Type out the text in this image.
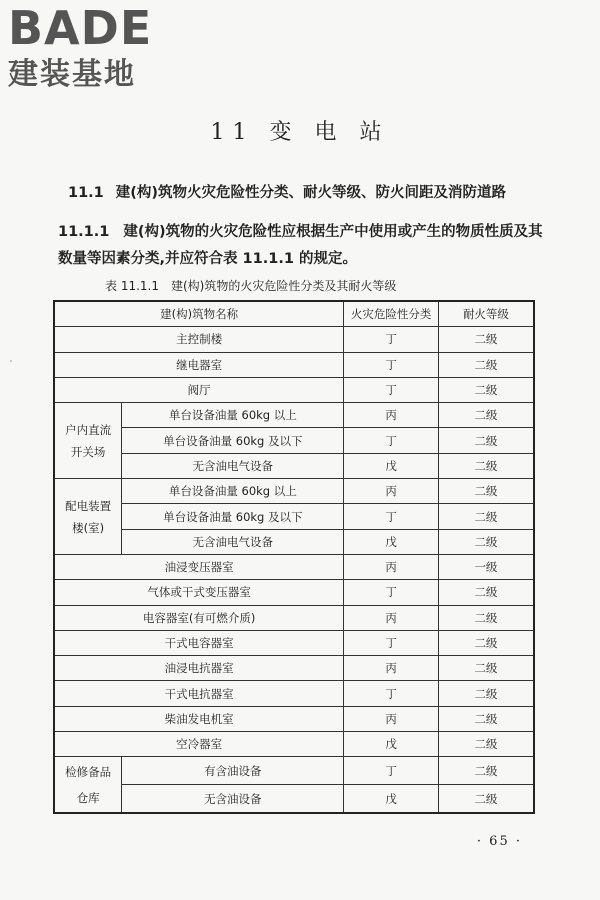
BADE
建装基地
11 变 电 站
11.1 建(构)筑物火灾危险性分类、耐火等级、防火间距及消防道路
11.1.1 建(构)筑物的火灾危险性应根据生产中使用或产生的物质性质及其数量等因素分类,并应符合表 11.1.1 的规定。
表 11.1.1 建(构)筑物的火灾危险性分类及其耐火等级
建(构)筑物名称		火灾危险性分类	耐火等级
主控制楼		丁	二级
继电器室		丁	二级
阀厅		丁	二级
户内直流开关场	单台设备油量 60kg 以上	丙	二级
	单台设备油量 60kg 及以下	丁	二级
	无含油电气设备	戊	二级
配电装置楼(室)	单台设备油量 60kg 以上	丙	二级
	单台设备油量 60kg 及以下	丁	二级
	无含油电气设备	戊	二级
油浸变压器室		丙	一级
气体或干式变压器室		丁	二级
电容器室(有可燃介质)		丙	二级
干式电容器室		丁	二级
油浸电抗器室		丙	二级
干式电抗器室		丁	二级
柴油发电机室		丙	二级
空冷器室		戊	二级
检修备品仓库	有含油设备	丁	二级
	无含油设备	戊	二级
· 65 ·
